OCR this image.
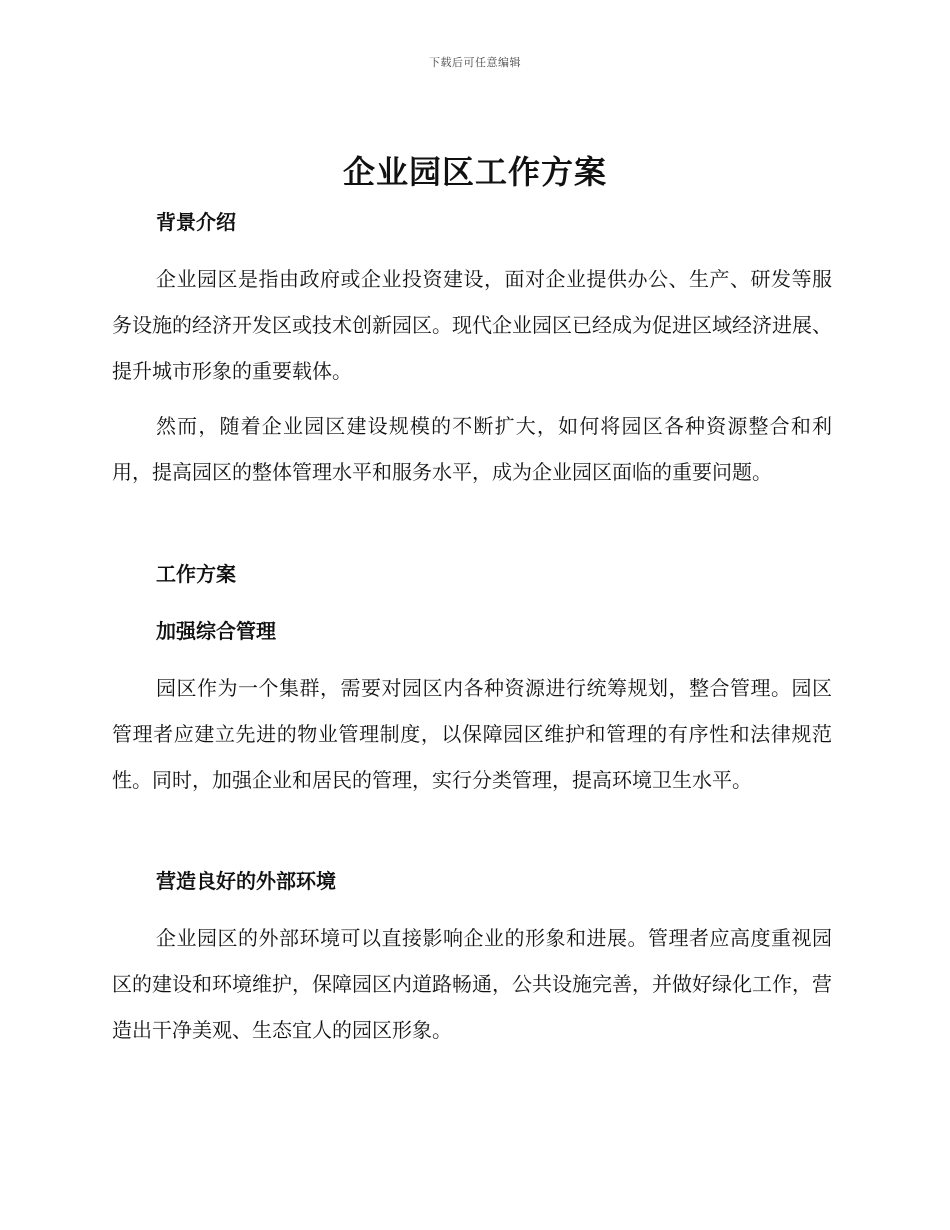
下载后可任意编辑
企业园区工作方案
背景介绍
企业园区是指由政府或企业投资建设，面对企业提供办公、生产、研发等服务设施的经济开发区或技术创新园区。现代企业园区已经成为促进区域经济进展、提升城市形象的重要载体。
然而，随着企业园区建设规模的不断扩大，如何将园区各种资源整合和利用，提高园区的整体管理水平和服务水平，成为企业园区面临的重要问题。
工作方案
加强综合管理
园区作为一个集群，需要对园区内各种资源进行统筹规划，整合管理。园区管理者应建立先进的物业管理制度，以保障园区维护和管理的有序性和法律规范性。同时，加强企业和居民的管理，实行分类管理，提高环境卫生水平。
营造良好的外部环境
企业园区的外部环境可以直接影响企业的形象和进展。管理者应高度重视园区的建设和环境维护，保障园区内道路畅通，公共设施完善，并做好绿化工作，营造出干净美观、生态宜人的园区形象。
